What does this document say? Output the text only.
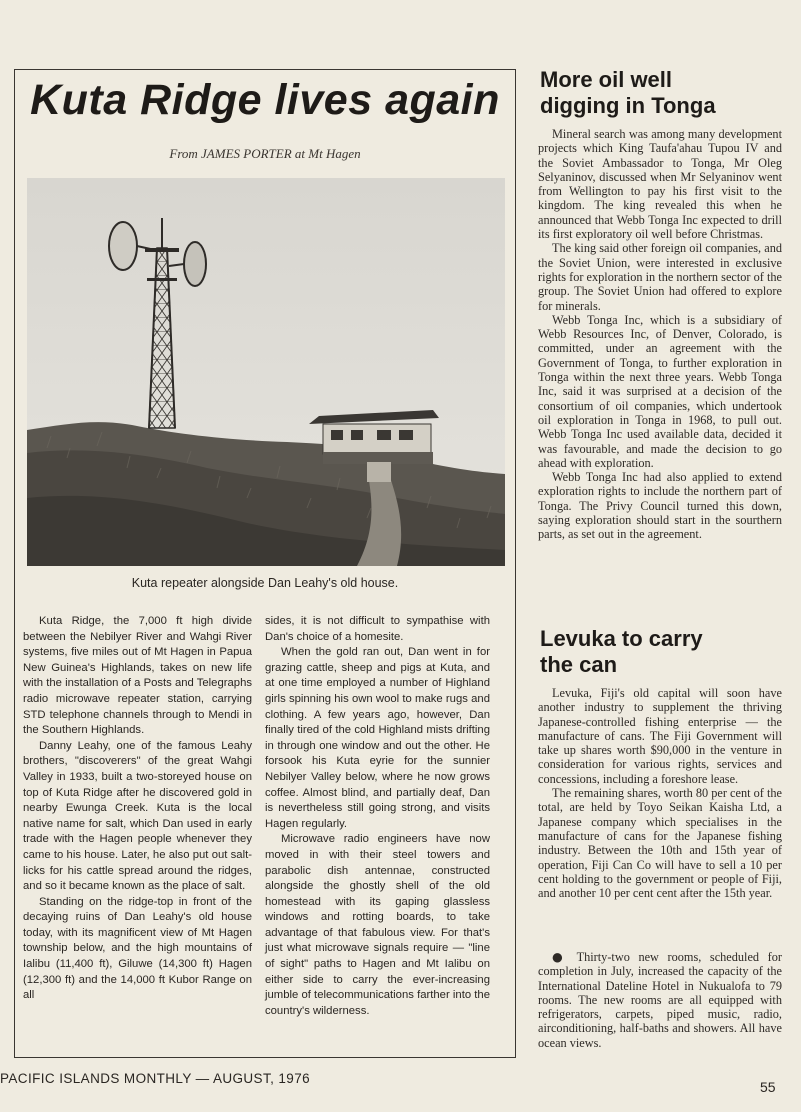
Kuta Ridge lives again
From JAMES PORTER at Mt Hagen
Kuta repeater alongside Dan Leahy's old house.

Kuta Ridge, the 7,000 ft high divide between the Nebilyer River and Wahgi River systems, five miles out of Mt Hagen in Papua New Guinea's Highlands, takes on new life with the installation of a Posts and Telegraphs radio microwave repeater station, carrying STD telephone channels through to Mendi in the Southern Highlands.

Danny Leahy, one of the famous Leahy brothers, "discoverers" of the great Wahgi Valley in 1933, built a two-storeyed house on top of Kuta Ridge after he discovered gold in nearby Ewunga Creek. Kuta is the local native name for salt, which Dan used in early trade with the Hagen people whenever they came to his house. Later, he also put out salt-licks for his cattle spread around the ridges, and so it became known as the place of salt.

Standing on the ridge-top in front of the decaying ruins of Dan Leahy's old house today, with its magnificent view of Mt Hagen township below, and the high mountains of Ialibu (11,400 ft), Giluwe (14,300 ft) Hagen (12,300 ft) and the 14,000 ft Kubor Range on all

sides, it is not difficult to sympathise with Dan's choice of a homesite.

When the gold ran out, Dan went in for grazing cattle, sheep and pigs at Kuta, and at one time employed a number of Highland girls spinning his own wool to make rugs and clothing. A few years ago, however, Dan finally tired of the cold Highland mists drifting in through one window and out the other. He forsook his Kuta eyrie for the sunnier Nebilyer Valley below, where he now grows coffee. Almost blind, and partially deaf, Dan is nevertheless still going strong, and visits Hagen regularly.

Microwave radio engineers have now moved in with their steel towers and parabolic dish antennae, constructed alongside the ghostly shell of the old homestead with its gaping glassless windows and rotting boards, to take advantage of that fabulous view. For that's just what microwave signals require — "line of sight" paths to Hagen and Mt Ialibu on either side to carry the ever-increasing jumble of telecommunications farther into the country's wilderness.

More oil well digging in Tonga

Mineral search was among many development projects which King Taufa'ahau Tupou IV and the Soviet Ambassador to Tonga, Mr Oleg Selyaninov, discussed when Mr Selyaninov went from Wellington to pay his first visit to the kingdom. The king revealed this when he announced that Webb Tonga Inc expected to drill its first exploratory oil well before Christmas.

The king said other foreign oil companies, and the Soviet Union, were interested in exclusive rights for exploration in the northern sector of the group. The Soviet Union had offered to explore for minerals.

Webb Tonga Inc, which is a subsidiary of Webb Resources Inc, of Denver, Colorado, is committed, under an agreement with the Government of Tonga, to further exploration in Tonga within the next three years. Webb Tonga Inc, said it was surprised at a decision of the consortium of oil companies, which undertook oil exploration in Tonga in 1968, to pull out. Webb Tonga Inc used available data, decided it was favourable, and made the decision to go ahead with exploration.

Webb Tonga Inc had also applied to extend exploration rights to include the northern part of Tonga. The Privy Council turned this down, saying exploration should start in the sourthern parts, as set out in the agreement.

Levuka to carry the can

Levuka, Fiji's old capital will soon have another industry to supplement the thriving Japanese-controlled fishing enterprise — the manufacture of cans. The Fiji Government will take up shares worth $90,000 in the venture in consideration for various rights, services and concessions, including a foreshore lease.

The remaining shares, worth 80 per cent of the total, are held by Toyo Seikan Kaisha Ltd, a Japanese company which specialises in the manufacture of cans for the Japanese fishing industry. Between the 10th and 15th year of operation, Fiji Can Co will have to sell a 10 per cent holding to the government or people of Fiji, and another 10 per cent cent after the 15th year.

● Thirty-two new rooms, scheduled for completion in July, increased the capacity of the International Dateline Hotel in Nukualofa to 79 rooms. The new rooms are all equipped with refrigerators, carpets, piped music, radio, airconditioning, half-baths and showers. All have ocean views.

PACIFIC ISLANDS MONTHLY — AUGUST, 1976
55
